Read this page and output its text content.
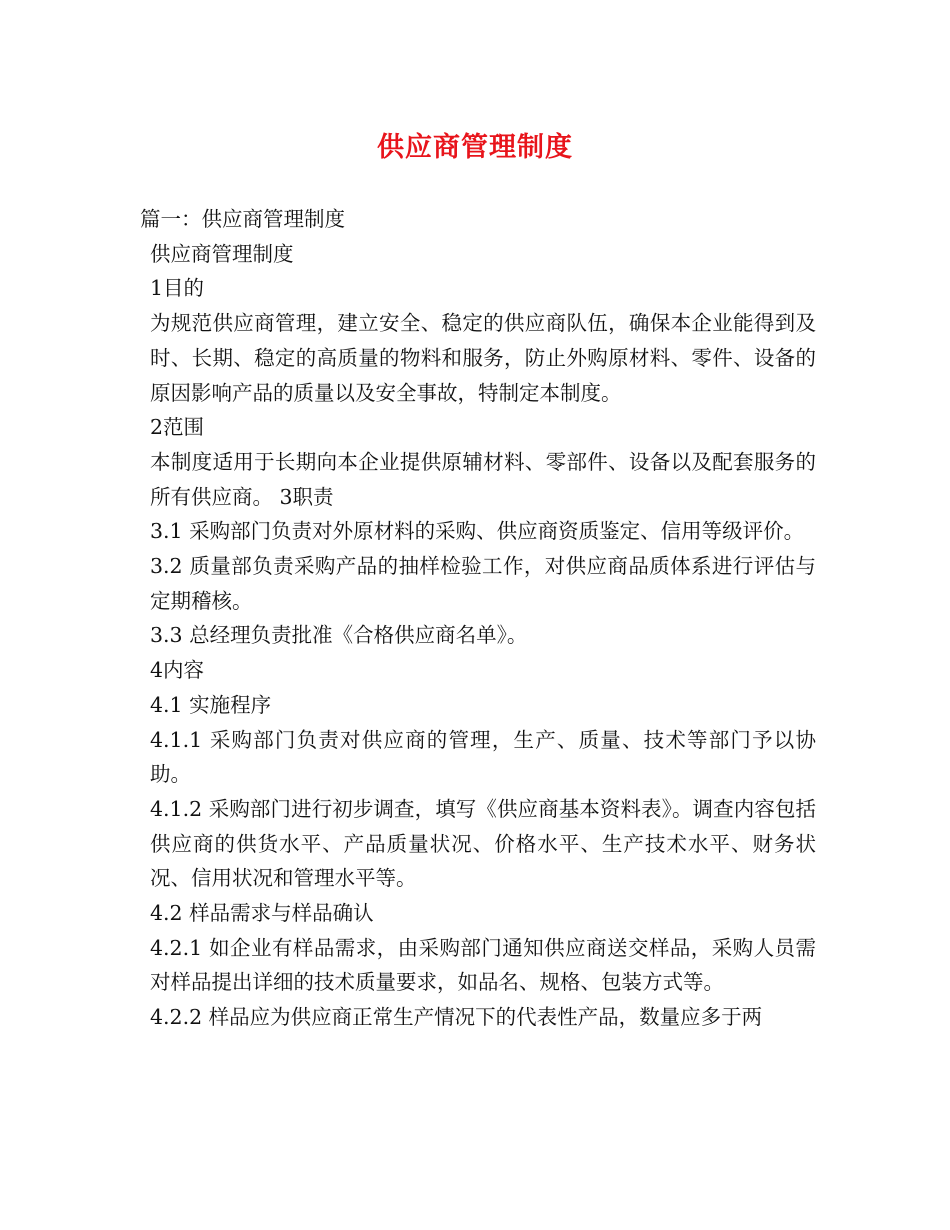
供应商管理制度

篇一：供应商管理制度

供应商管理制度

1目的

为规范供应商管理，建立安全、稳定的供应商队伍，确保本企业能得到及时、长期、稳定的高质量的物料和服务，防止外购原材料、零件、设备的原因影响产品的质量以及安全事故，特制定本制度。

2范围

本制度适用于长期向本企业提供原辅材料、零部件、设备以及配套服务的所有供应商。 3职责

3.1 采购部门负责对外原材料的采购、供应商资质鉴定、信用等级评价。

3.2 质量部负责采购产品的抽样检验工作，对供应商品质体系进行评估与定期稽核。

3.3 总经理负责批准《合格供应商名单》。

4内容

4.1 实施程序

4.1.1 采购部门负责对供应商的管理，生产、质量、技术等部门予以协助。

4.1.2 采购部门进行初步调查，填写《供应商基本资料表》。调查内容包括供应商的供货水平、产品质量状况、价格水平、生产技术水平、财务状况、信用状况和管理水平等。

4.2 样品需求与样品确认

4.2.1 如企业有样品需求，由采购部门通知供应商送交样品，采购人员需对样品提出详细的技术质量要求，如品名、规格、包装方式等。

4.2.2 样品应为供应商正常生产情况下的代表性产品，数量应多于两
